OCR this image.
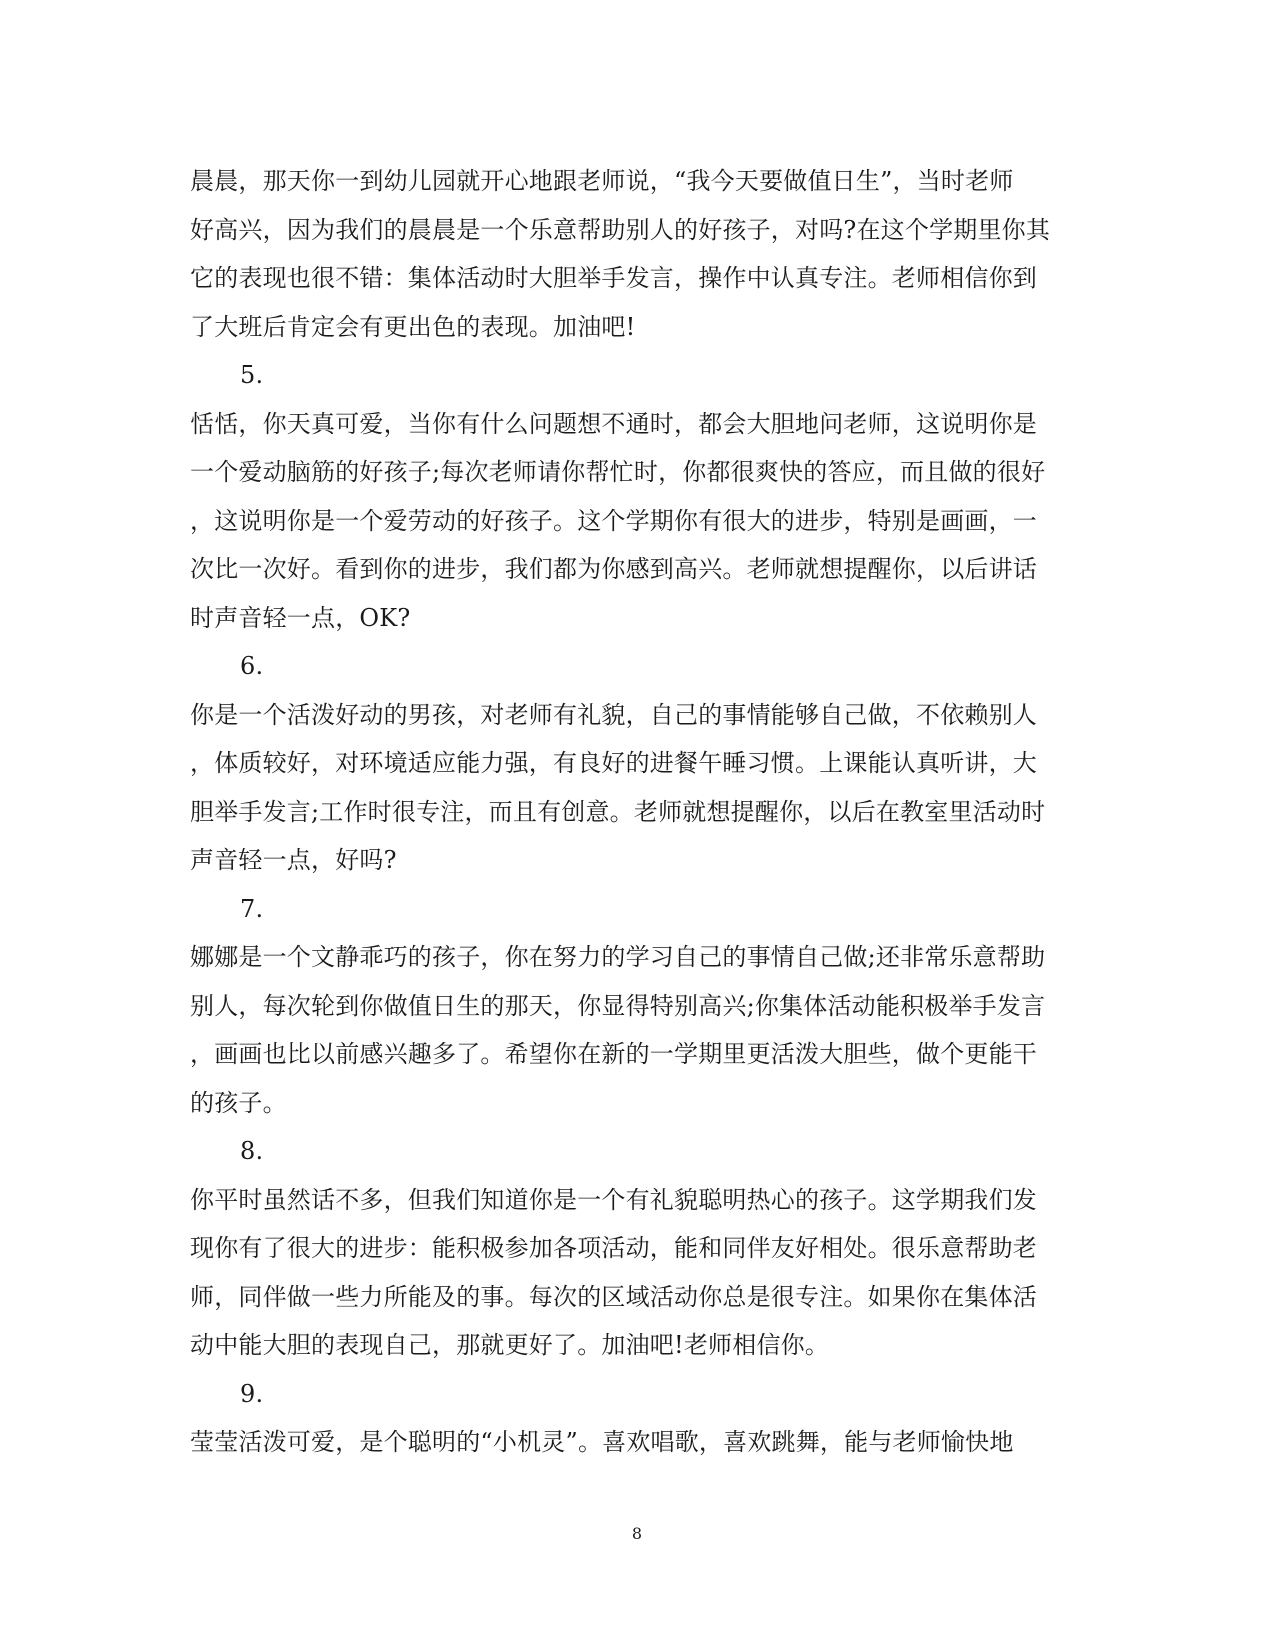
晨晨，那天你一到幼儿园就开心地跟老师说，“我今天要做值日生”，当时老师
好高兴，因为我们的晨晨是一个乐意帮助别人的好孩子，对吗?在这个学期里你其
它的表现也很不错：集体活动时大胆举手发言，操作中认真专注。老师相信你到
了大班后肯定会有更出色的表现。加油吧!
5.
恬恬，你天真可爱，当你有什么问题想不通时，都会大胆地问老师，这说明你是
一个爱动脑筋的好孩子;每次老师请你帮忙时，你都很爽快的答应，而且做的很好
，这说明你是一个爱劳动的好孩子。这个学期你有很大的进步，特别是画画，一
次比一次好。看到你的进步，我们都为你感到高兴。老师就想提醒你，以后讲话
时声音轻一点，OK?
6.
你是一个活泼好动的男孩，对老师有礼貌，自己的事情能够自己做，不依赖别人
，体质较好，对环境适应能力强，有良好的进餐午睡习惯。上课能认真听讲，大
胆举手发言;工作时很专注，而且有创意。老师就想提醒你，以后在教室里活动时
声音轻一点，好吗?
7.
娜娜是一个文静乖巧的孩子，你在努力的学习自己的事情自己做;还非常乐意帮助
别人，每次轮到你做值日生的那天，你显得特别高兴;你集体活动能积极举手发言
，画画也比以前感兴趣多了。希望你在新的一学期里更活泼大胆些，做个更能干
的孩子。
8.
你平时虽然话不多，但我们知道你是一个有礼貌聪明热心的孩子。这学期我们发
现你有了很大的进步：能积极参加各项活动，能和同伴友好相处。很乐意帮助老
师，同伴做一些力所能及的事。每次的区域活动你总是很专注。如果你在集体活
动中能大胆的表现自己，那就更好了。加油吧!老师相信你。
9.
莹莹活泼可爱，是个聪明的“小机灵”。喜欢唱歌，喜欢跳舞，能与老师愉快地
8
